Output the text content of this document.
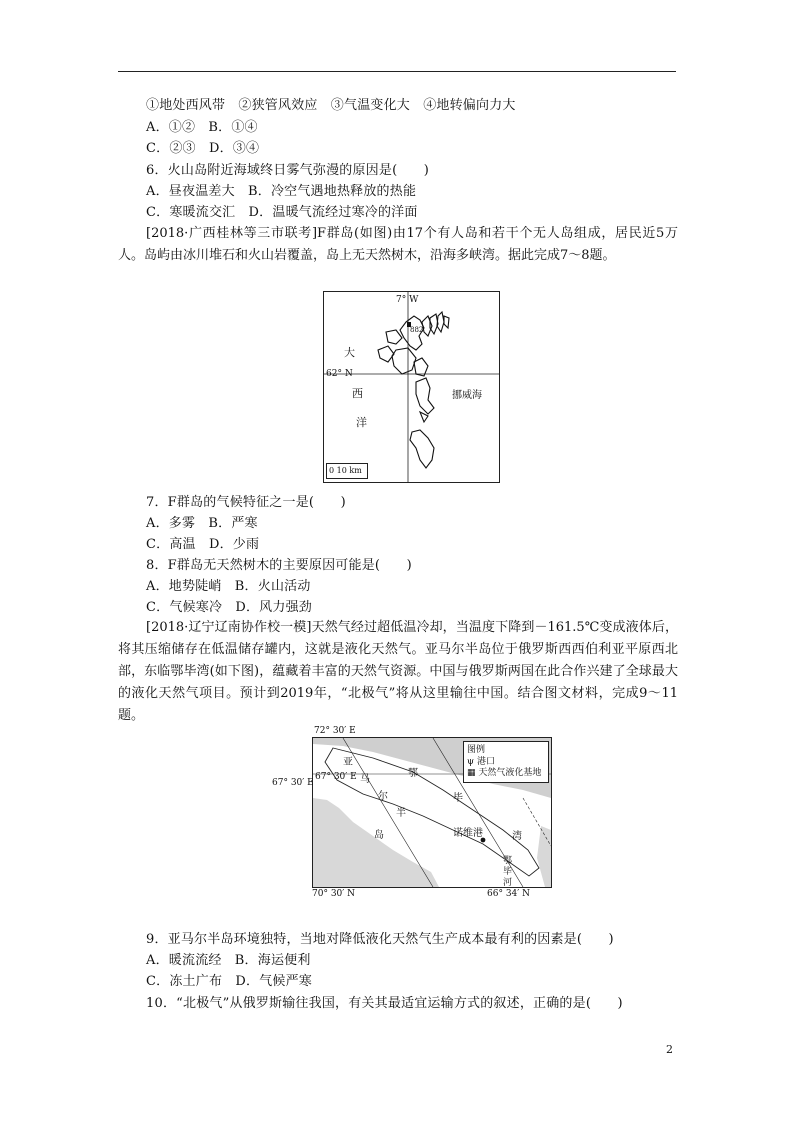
①地处西风带　②狭管风效应　③气温变化大　④地转偏向力大
A．①②　B．①④
C．②③　D．③④
6．火山岛附近海域终日雾气弥漫的原因是(　　)
A．昼夜温差大　B．冷空气遇地热释放的热能
C．寒暖流交汇　D．温暖气流经过寒冷的洋面
[2018·广西桂林等三市联考]F群岛(如图)由17个有人岛和若干个无人岛组成，居民近5万人。岛屿由冰川堆石和火山岩覆盖，岛上无天然树木，沿海多峡湾。据此完成7～8题。
7° W
882
62° N
大
西
洋
挪威海
0 10 km
7．F群岛的气候特征之一是(　　)
A．多雾　B．严寒
C．高温　D．少雨
8．F群岛无天然树木的主要原因可能是(　　)
A．地势陡峭　B．火山活动
C．气候寒冷　D．风力强劲
[2018·辽宁辽南协作校一模]天然气经过超低温冷却，当温度下降到－161.5℃变成液体后，将其压缩储存在低温储存罐内，这就是液化天然气。亚马尔半岛位于俄罗斯西西伯利亚平原西北部，东临鄂毕湾(如下图)，蕴藏着丰富的天然气资源。中国与俄罗斯两国在此合作兴建了全球最大的液化天然气项目。预计到2019年，“北极气”将从这里输往中国。结合图文材料，完成9～11题。
图例
ψ 港口
▦ 天然气液化基地
67° 30′ E
亚
马
尔
半
岛
鄂
毕
湾
诺维港
鄂
毕
河
72° 30′ E
67° 30′ E
70° 30′ N	66° 34′ N
9．亚马尔半岛环境独特，当地对降低液化天然气生产成本最有利的因素是(　　)
A．暖流流经　B．海运便利
C．冻土广布　D．气候严寒
10．“北极气”从俄罗斯输往我国，有关其最适宜运输方式的叙述，正确的是(　　)
2
